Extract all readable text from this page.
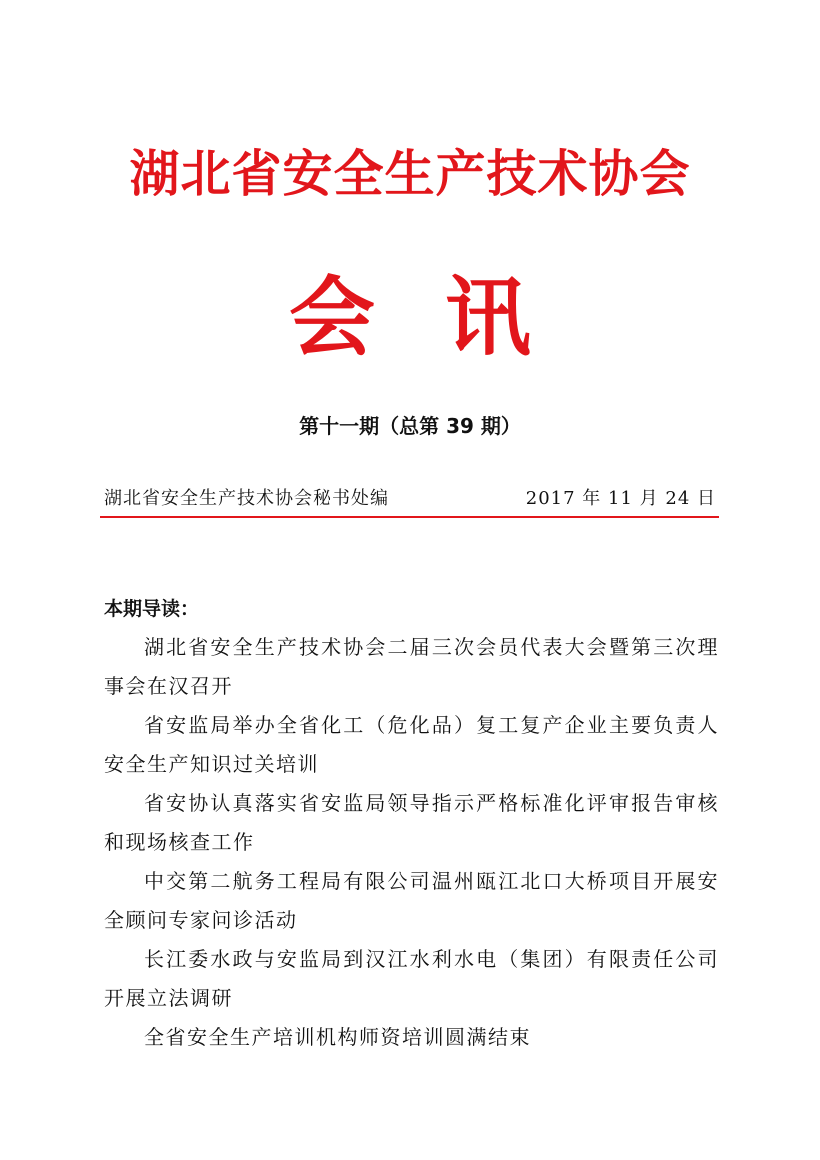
湖北省安全生产技术协会
会讯
第十一期（总第 39 期）
湖北省安全生产技术协会秘书处编	2017 年 11 月 24 日
本期导读：
湖北省安全生产技术协会二届三次会员代表大会暨第三次理事会在汉召开
省安监局举办全省化工（危化品）复工复产企业主要负责人安全生产知识过关培训
省安协认真落实省安监局领导指示严格标准化评审报告审核和现场核查工作
中交第二航务工程局有限公司温州瓯江北口大桥项目开展安全顾问专家问诊活动
长江委水政与安监局到汉江水利水电（集团）有限责任公司开展立法调研
全省安全生产培训机构师资培训圆满结束
